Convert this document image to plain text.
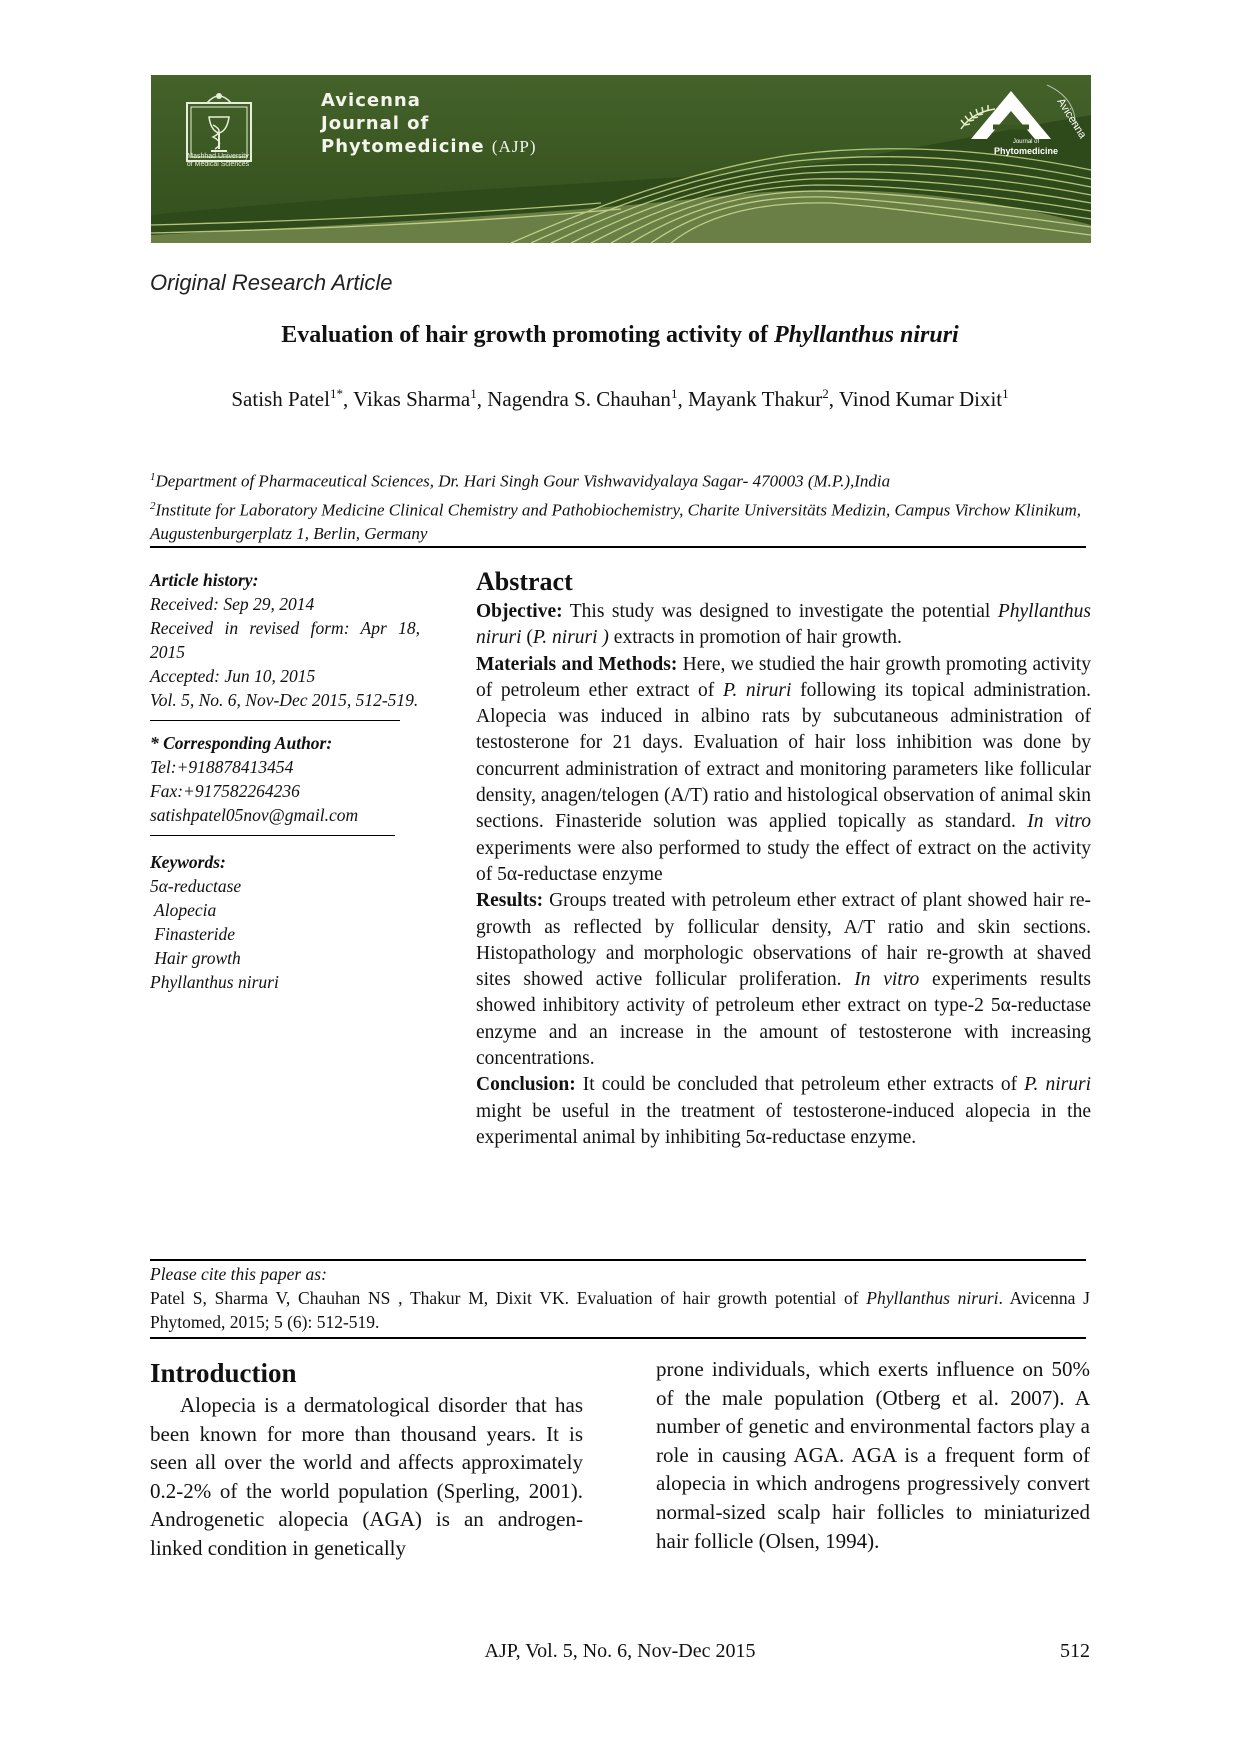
Mashhad University
of Medical Sciences
Avicenna
Journal of
Phytomedicine (AJP)
Avicenna
Journal of
Phytomedicine
Original Research Article
Evaluation of hair growth promoting activity of Phyllanthus niruri
Satish Patel$^{1*}$, Vikas Sharma$^1$, Nagendra S. Chauhan$^1$, Mayank Thakur$^2$, Vinod Kumar Dixit$^1$
$^1$Department of Pharmaceutical Sciences, Dr. Hari Singh Gour Vishwavidyalaya Sagar- 470003 (M.P.),India
$^2$Institute for Laboratory Medicine Clinical Chemistry and Pathobiochemistry, Charite Universitäts Medizin, Campus Virchow Klinikum, Augustenburgerplatz 1, Berlin, Germany
Article history:
Received: Sep 29, 2014
Received in revised form: Apr 18, 2015
Accepted: Jun 10, 2015
Vol. 5, No. 6, Nov-Dec 2015, 512-519.
* Corresponding Author:
Tel:+918878413454
Fax:+917582264236
satishpatel05nov@gmail.com
Keywords:
5α-reductase
Alopecia
Finasteride
Hair growth
Phyllanthus niruri
Abstract

Objective: This study was designed to investigate the potential Phyllanthus niruri (P. niruri ) extracts in promotion of hair growth.

Materials and Methods: Here, we studied the hair growth promoting activity of petroleum ether extract of P. niruri following its topical administration. Alopecia was induced in albino rats by subcutaneous administration of testosterone for 21 days. Evaluation of hair loss inhibition was done by concurrent administration of extract and monitoring parameters like follicular density, anagen/telogen (A/T) ratio and histological observation of animal skin sections. Finasteride solution was applied topically as standard. In vitro experiments were also performed to study the effect of extract on the activity of 5α-reductase enzyme

Results: Groups treated with petroleum ether extract of plant showed hair re-growth as reflected by follicular density, A/T ratio and skin sections. Histopathology and morphologic observations of hair re-growth at shaved sites showed active follicular proliferation. In vitro experiments results showed inhibitory activity of petroleum ether extract on type-2 5α-reductase enzyme and an increase in the amount of testosterone with increasing concentrations.

Conclusion: It could be concluded that petroleum ether extracts of P. niruri might be useful in the treatment of testosterone-induced alopecia in the experimental animal by inhibiting 5α-reductase enzyme.

Please cite this paper as:
Patel S, Sharma V, Chauhan NS , Thakur M, Dixit VK. Evaluation of hair growth potential of Phyllanthus niruri. Avicenna J Phytomed, 2015; 5 (6): 512-519.
Introduction

Alopecia is a dermatological disorder that has been known for more than thousand years. It is seen all over the world and affects approximately 0.2-2% of the world population (Sperling, 2001). Androgenetic alopecia (AGA) is an androgen-linked condition in genetically

prone individuals, which exerts influence on 50% of the male population (Otberg et al. 2007). A number of genetic and environmental factors play a role in causing AGA. AGA is a frequent form of alopecia in which androgens progressively convert normal-sized scalp hair follicles to miniaturized hair follicle (Olsen, 1994).

AJP, Vol. 5, No. 6, Nov-Dec 2015	512
